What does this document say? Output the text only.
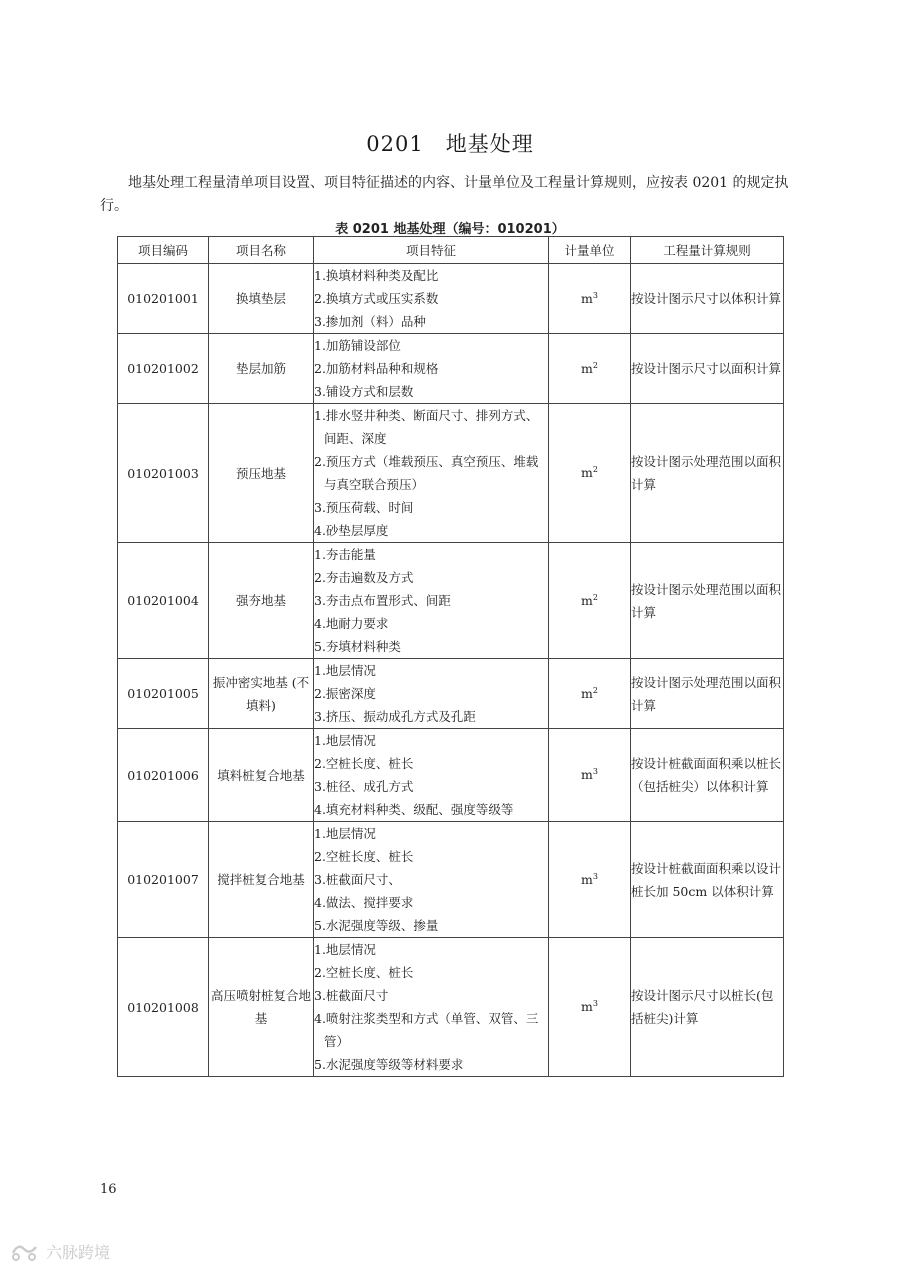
0201　地基处理
地基处理工程量清单项目设置、项目特征描述的内容、计量单位及工程量计算规则，应按表 0201 的规定执行。
表 0201 地基处理（编号：010201）
项目编码	项目名称	项目特征	计量单位	工程量计算规则
010201001	换填垫层	1.换填材料种类及配比
2.换填方式或压实系数
3.掺加剂（料）品种	$m^3$	按设计图示尺寸以体积计算
010201002	垫层加筋	1.加筋铺设部位
2.加筋材料品种和规格
3.铺设方式和层数	$m^2$	按设计图示尺寸以面积计算
010201003	预压地基	1.排水竖井种类、断面尺寸、排列方式、间距、深度
2.预压方式（堆载预压、真空预压、堆载与真空联合预压）
3.预压荷载、时间
4.砂垫层厚度	$m^2$	按设计图示处理范围以面积计算
010201004	强夯地基	1.夯击能量
2.夯击遍数及方式
3.夯击点布置形式、间距
4.地耐力要求
5.夯填材料种类	$m^2$	按设计图示处理范围以面积计算
010201005	振冲密实地基 (不填料)	1.地层情况
2.振密深度
3.挤压、振动成孔方式及孔距	$m^2$	按设计图示处理范围以面积计算
010201006	填料桩复合地基	1.地层情况
2.空桩长度、桩长
3.桩径、成孔方式
4.填充材料种类、级配、强度等级等	$m^3$	按设计桩截面面积乘以桩长（包括桩尖）以体积计算
010201007	搅拌桩复合地基	1.地层情况
2.空桩长度、桩长
3.桩截面尺寸、
4.做法、搅拌要求
5.水泥强度等级、掺量	$m^3$	按设计桩截面面积乘以设计桩长加 50cm 以体积计算
010201008	高压喷射桩复合地基	1.地层情况
2.空桩长度、桩长
3.桩截面尺寸
4.喷射注浆类型和方式（单管、双管、三管）
5.水泥强度等级等材料要求	$m^3$	按设计图示尺寸以桩长(包括桩尖)计算
16
六脉跨境
